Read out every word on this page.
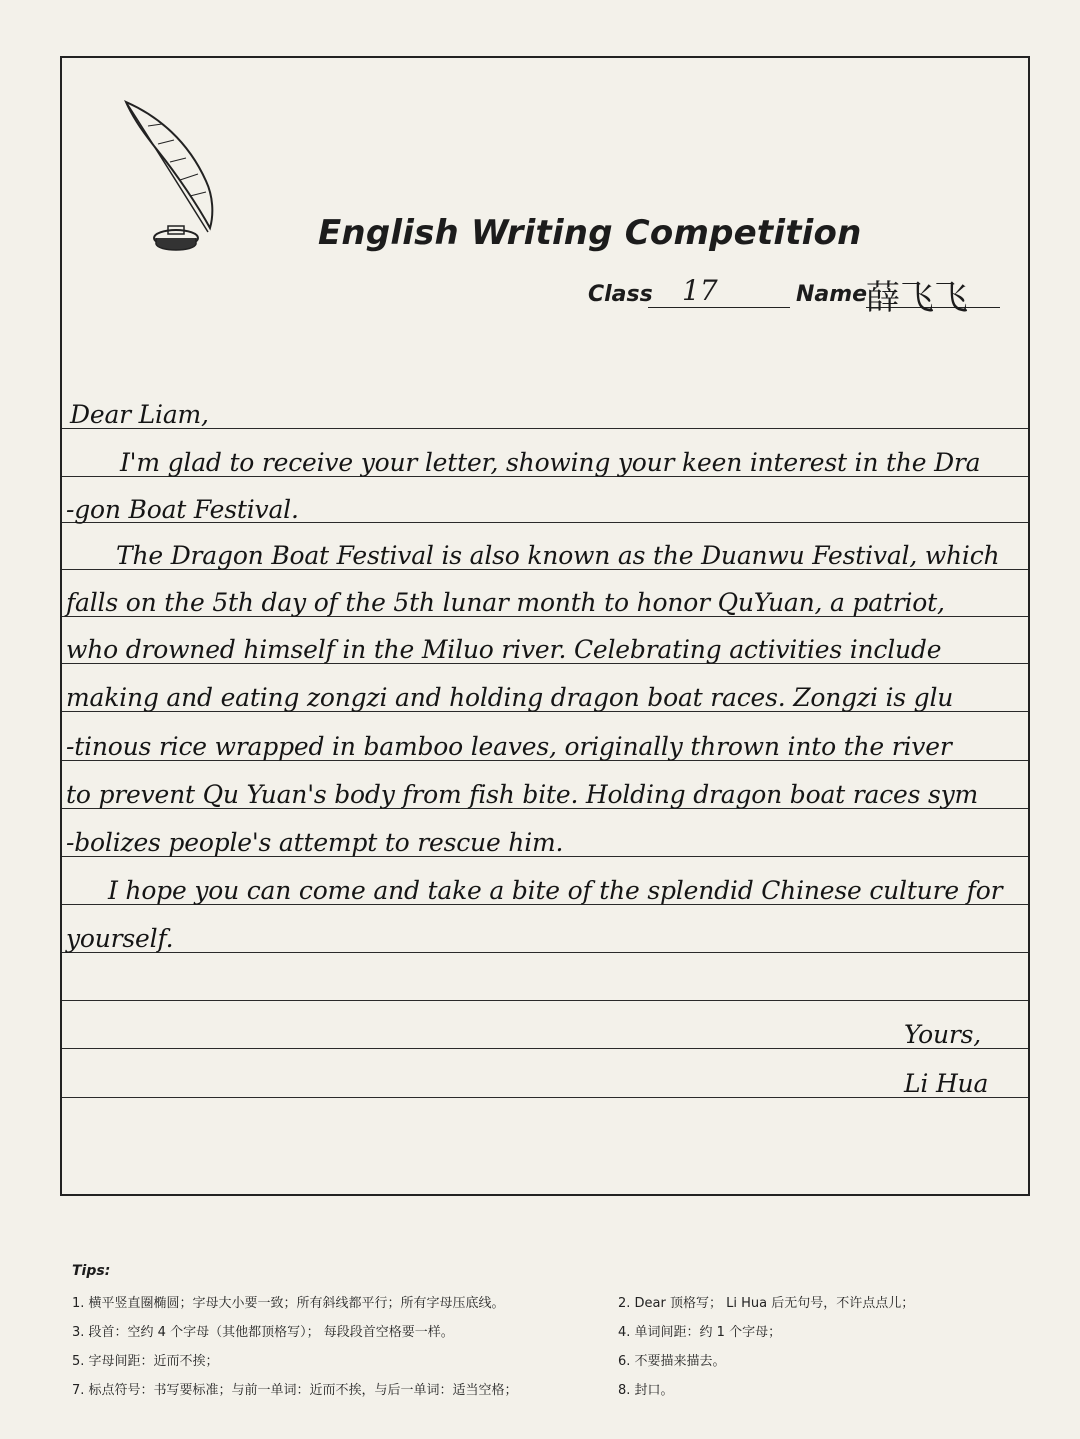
English Writing Competition
Class 17	Name
薛飞飞
Dear Liam,
I'm glad to receive your letter, showing your keen interest in the Dra
-gon Boat Festival.
The Dragon Boat Festival is also known as the Duanwu Festival, which
falls on the 5th day of the 5th lunar month to honor QuYuan, a patriot,
who drowned himself in the Miluo river. Celebrating activities include
making and eating zongzi and holding dragon boat races. Zongzi is glu
-tinous rice wrapped in bamboo leaves, originally thrown into the river
to prevent Qu Yuan's body from fish bite. Holding dragon boat races sym
-bolizes people's attempt to rescue him.
I hope you can come and take a bite of the splendid Chinese culture for
yourself.
Yours,
Li Hua
Tips:
1. 横平竖直圈椭圆；字母大小要一致；所有斜线都平行；所有字母压底线。	2. Dear 顶格写； Li Hua 后无句号，不许点点儿；
3. 段首：空约 4 个字母（其他都顶格写）； 每段段首空格要一样。	4. 单词间距：约 1 个字母；
5. 字母间距：近而不挨；	6. 不要描来描去。
7. 标点符号：书写要标准；与前一单词：近而不挨，与后一单词：适当空格；	8. 封口。
